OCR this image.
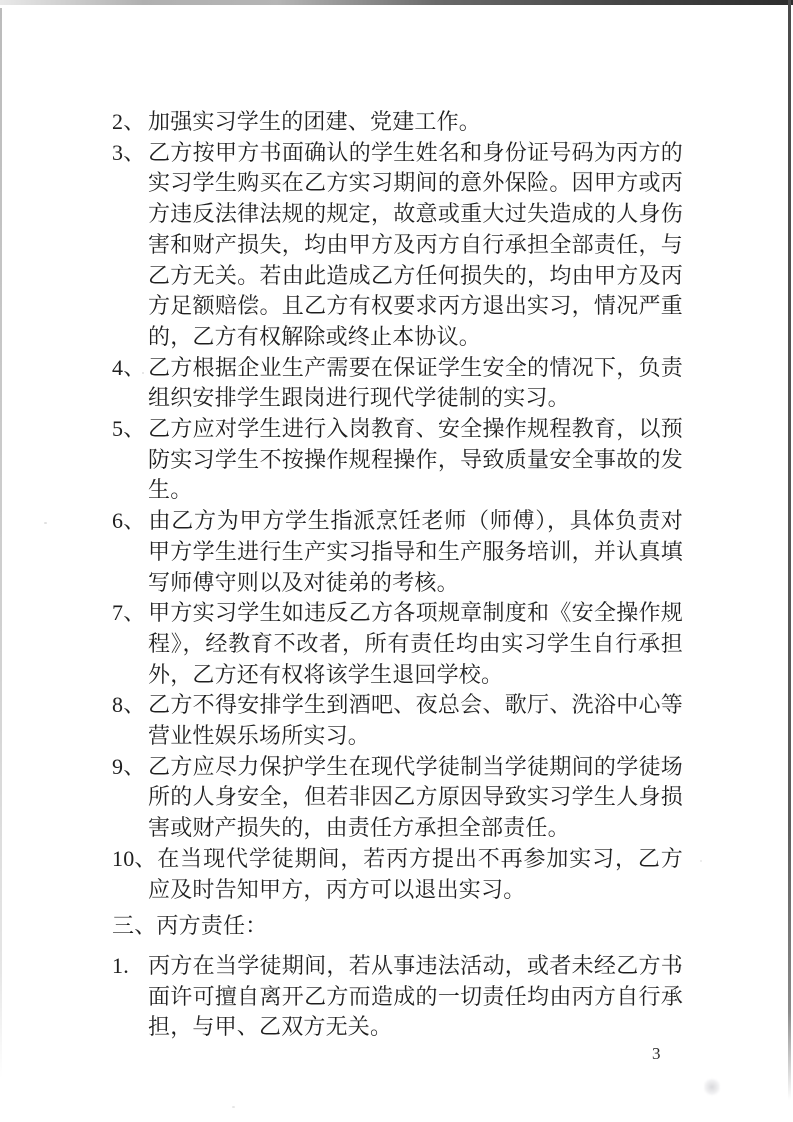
2、 加强实习学生的团建、党建工作。
3、 乙方按甲方书面确认的学生姓名和身份证号码为丙方的实习学生购买在乙方实习期间的意外保险。因甲方或丙方违反法律法规的规定，故意或重大过失造成的人身伤害和财产损失，均由甲方及丙方自行承担全部责任，与乙方无关。若由此造成乙方任何损失的，均由甲方及丙方足额赔偿。且乙方有权要求丙方退出实习，情况严重的，乙方有权解除或终止本协议。
4、 乙方根据企业生产需要在保证学生安全的情况下，负责组织安排学生跟岗进行现代学徒制的实习。
5、 乙方应对学生进行入岗教育、安全操作规程教育，以预防实习学生不按操作规程操作，导致质量安全事故的发生。
6、 由乙方为甲方学生指派烹饪老师（师傅），具体负责对甲方学生进行生产实习指导和生产服务培训，并认真填写师傅守则以及对徒弟的考核。
7、 甲方实习学生如违反乙方各项规章制度和《安全操作规程》，经教育不改者，所有责任均由实习学生自行承担外，乙方还有权将该学生退回学校。
8、 乙方不得安排学生到酒吧、夜总会、歌厅、洗浴中心等营业性娱乐场所实习。
9、 乙方应尽力保护学生在现代学徒制当学徒期间的学徒场所的人身安全，但若非因乙方原因导致实习学生人身损害或财产损失的，由责任方承担全部责任。
10、在当现代学徒期间，若丙方提出不再参加实习，乙方应及时告知甲方，丙方可以退出实习。
三、丙方责任：
1. 丙方在当学徒期间，若从事违法活动，或者未经乙方书面许可擅自离开乙方而造成的一切责任均由丙方自行承担，与甲、乙双方无关。
3
